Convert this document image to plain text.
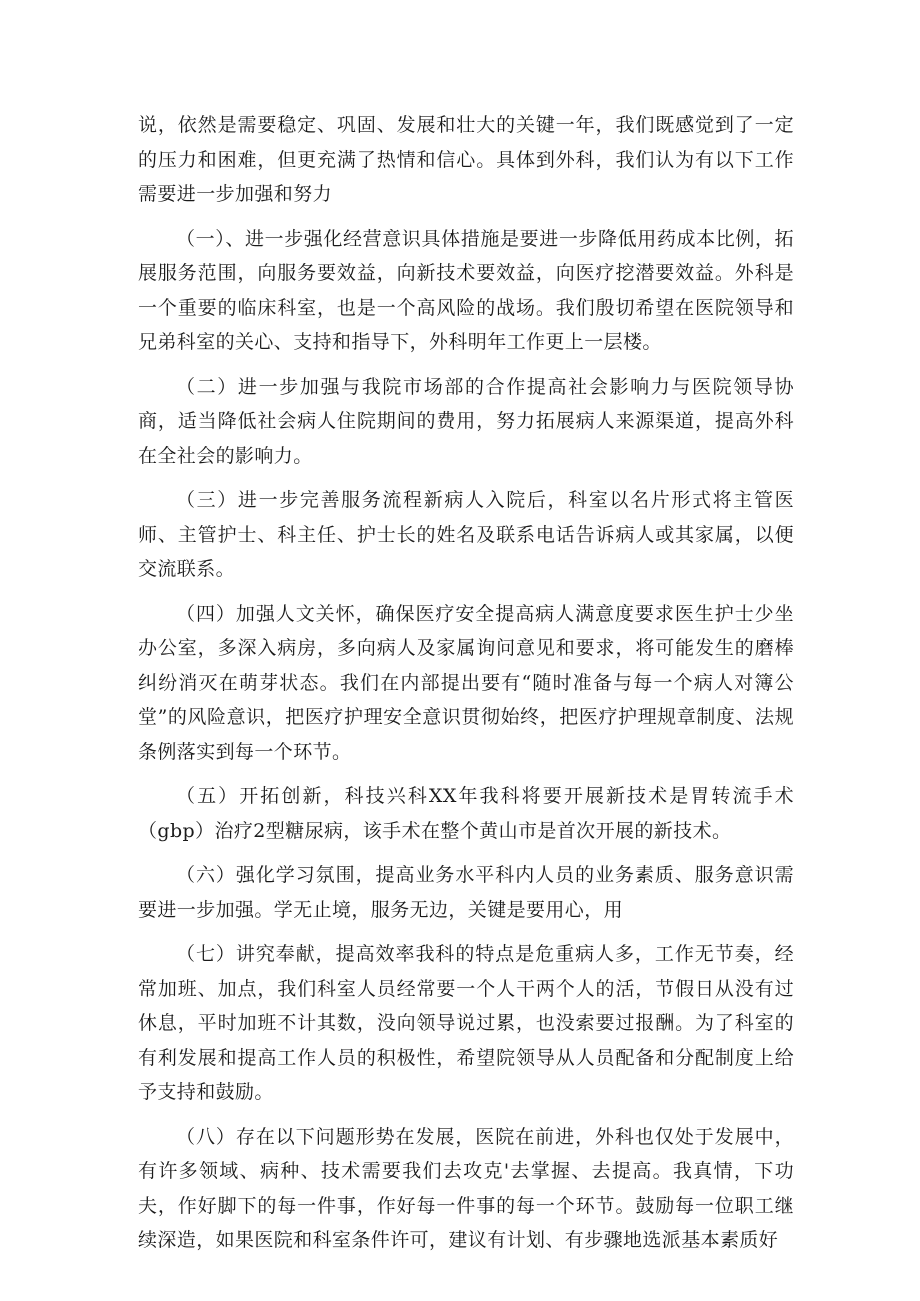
说，依然是需要稳定、巩固、发展和壮大的关键一年，我们既感觉到了一定的压力和困难，但更充满了热情和信心。具体到外科，我们认为有以下工作需要进一步加强和努力

（一）、进一步强化经营意识具体措施是要进一步降低用药成本比例，拓展服务范围，向服务要效益，向新技术要效益，向医疗挖潜要效益。外科是一个重要的临床科室，也是一个高风险的战场。我们殷切希望在医院领导和兄弟科室的关心、支持和指导下，外科明年工作更上一层楼。

（二）进一步加强与我院市场部的合作提高社会影响力与医院领导协商，适当降低社会病人住院期间的费用，努力拓展病人来源渠道，提高外科在全社会的影响力。

（三）进一步完善服务流程新病人入院后，科室以名片形式将主管医师、主管护士、科主任、护士长的姓名及联系电话告诉病人或其家属，以便交流联系。

（四）加强人文关怀，确保医疗安全提高病人满意度要求医生护士少坐办公室，多深入病房，多向病人及家属询问意见和要求，将可能发生的磨棒纠纷消灭在萌芽状态。我们在内部提出要有“随时准备与每一个病人对簿公堂”的风险意识，把医疗护理安全意识贯彻始终，把医疗护理规章制度、法规条例落实到每一个环节。

（五）开拓创新，科技兴科XX年我科将要开展新技术是胃转流手术（gbp）治疗2型糖尿病，该手术在整个黄山市是首次开展的新技术。

（六）强化学习氛围，提高业务水平科内人员的业务素质、服务意识需要进一步加强。学无止境，服务无边，关键是要用心，用

（七）讲究奉献，提高效率我科的特点是危重病人多，工作无节奏，经常加班、加点，我们科室人员经常要一个人干两个人的活，节假日从没有过休息，平时加班不计其数，没向领导说过累，也没索要过报酬。为了科室的有利发展和提高工作人员的积极性，希望院领导从人员配备和分配制度上给予支持和鼓励。

（八）存在以下问题形势在发展，医院在前进，外科也仅处于发展中，有许多领域、病种、技术需要我们去攻克'去掌握、去提高。我真情，下功夫，作好脚下的每一件事，作好每一件事的每一个环节。鼓励每一位职工继续深造，如果医院和科室条件许可，建议有计划、有步骤地选派基本素质好
